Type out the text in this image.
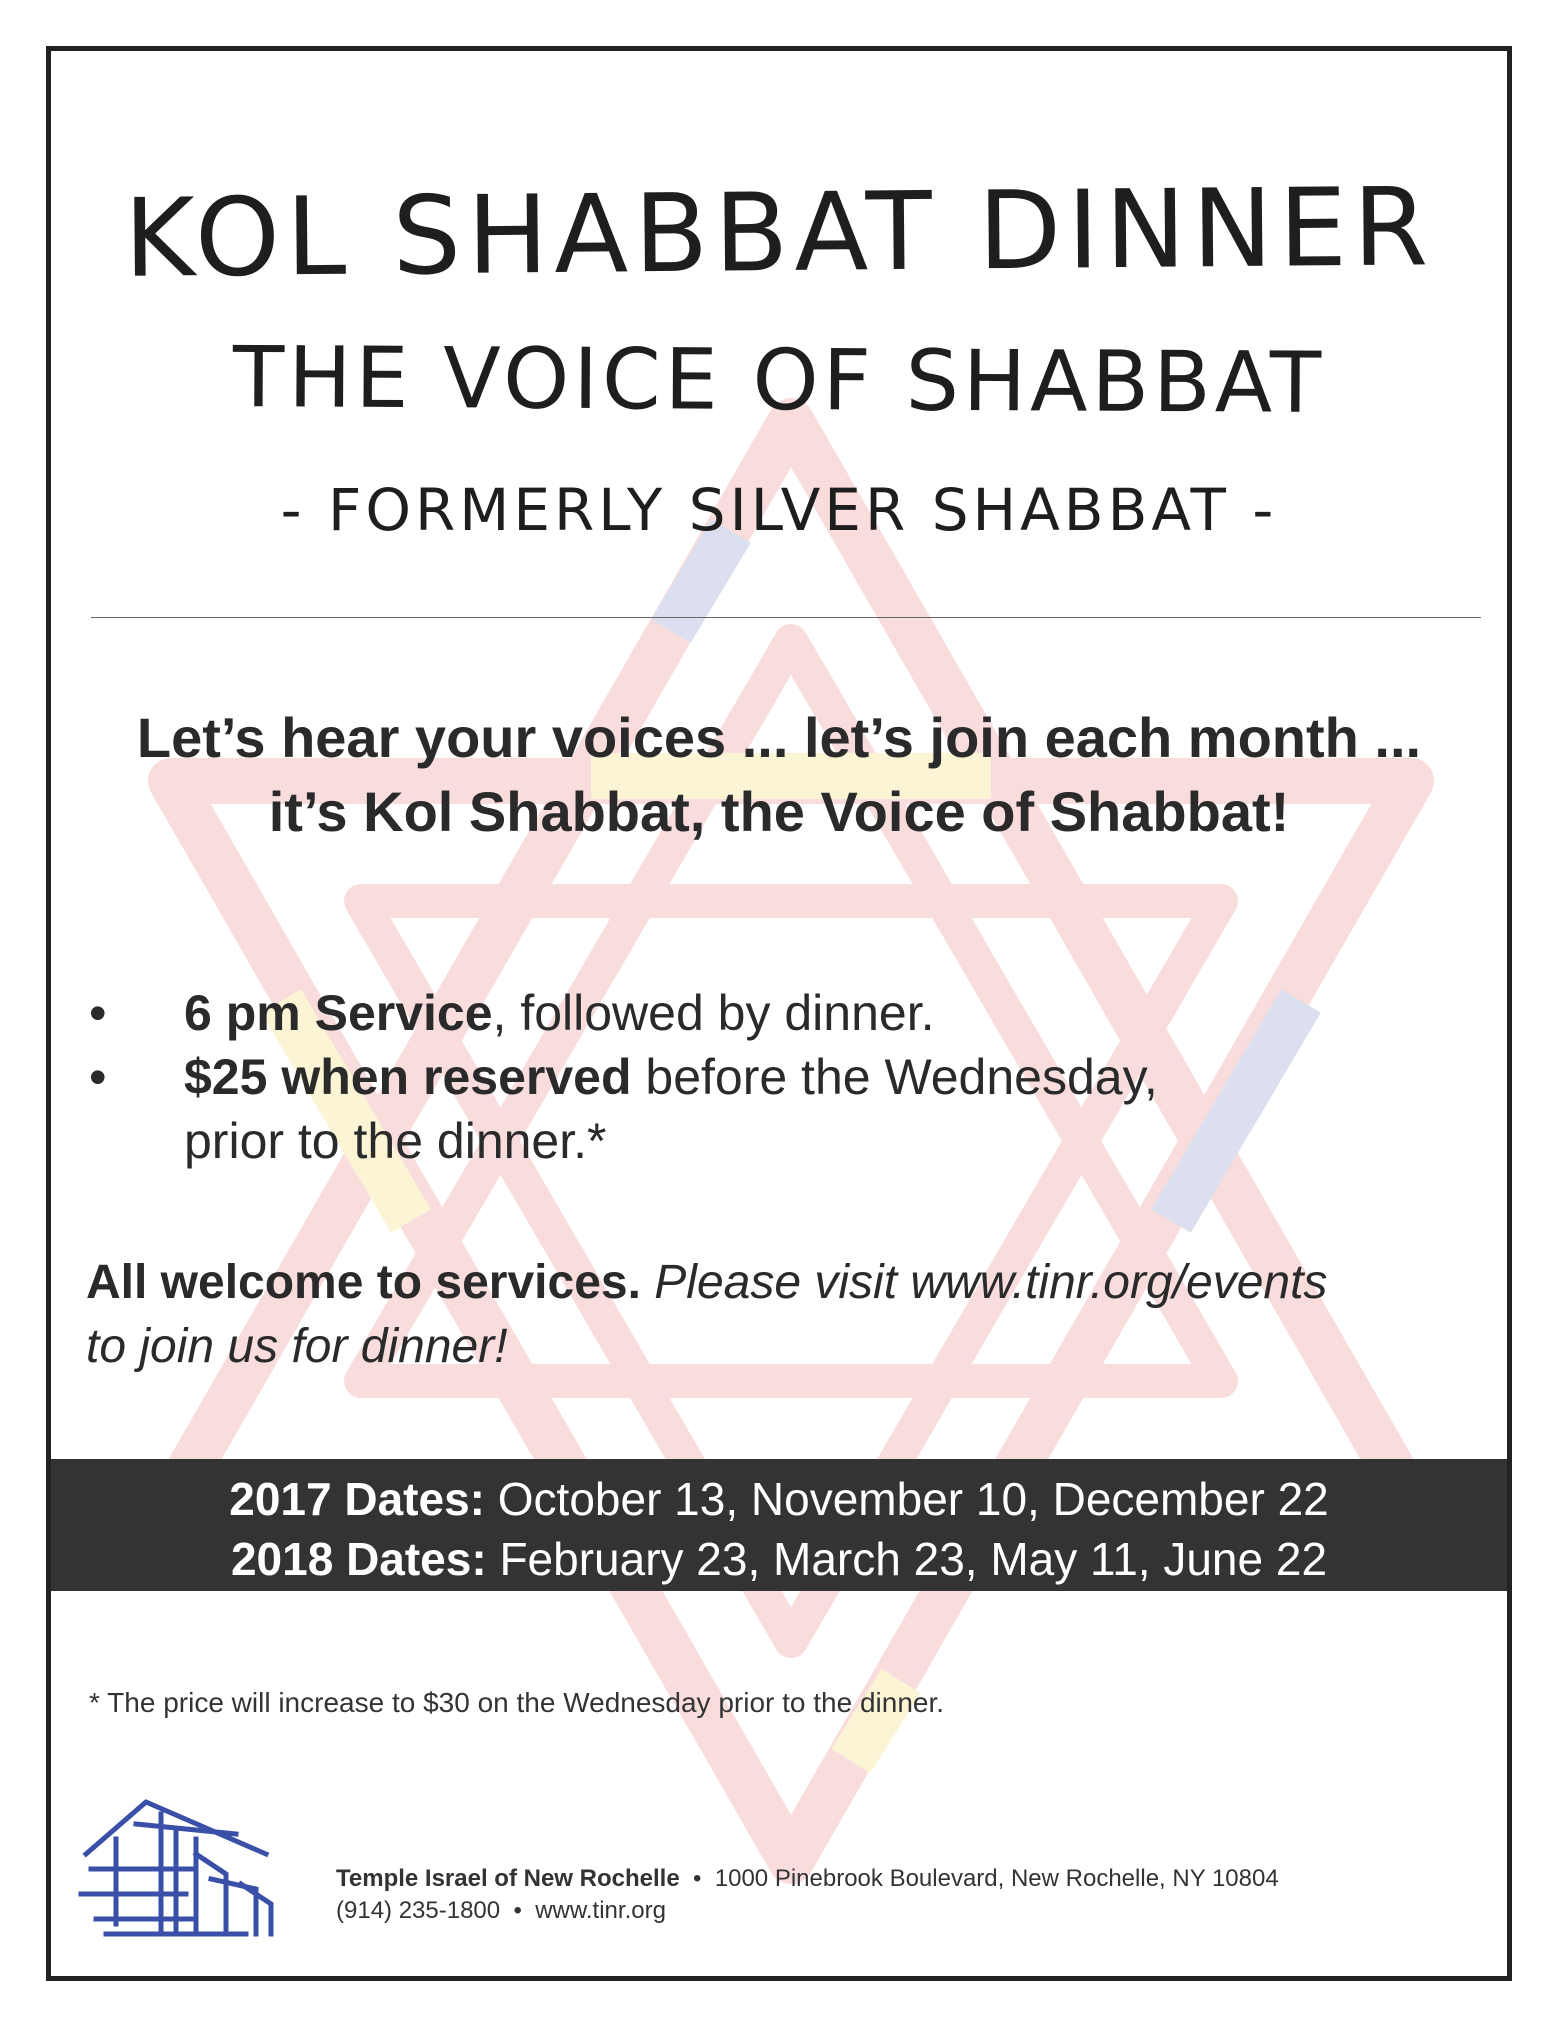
KOL SHABBAT DINNER
THE VOICE OF SHABBAT
- FORMERLY SILVER SHABBAT -
Let’s hear your voices ... let’s join each month ...
it’s Kol Shabbat, the Voice of Shabbat!
•	6 pm Service, followed by dinner.
•	$25 when reserved before the Wednesday,
prior to the dinner.*
All welcome to services. Please visit www.tinr.org/events
to join us for dinner!
2017 Dates: October 13, November 10, December 22
2018 Dates: February 23, March 23, May 11, June 22
* The price will increase to $30 on the Wednesday prior to the dinner.
Temple Israel of New Rochelle • 1000 Pinebrook Boulevard, New Rochelle, NY 10804
(914) 235-1800 • www.tinr.org
